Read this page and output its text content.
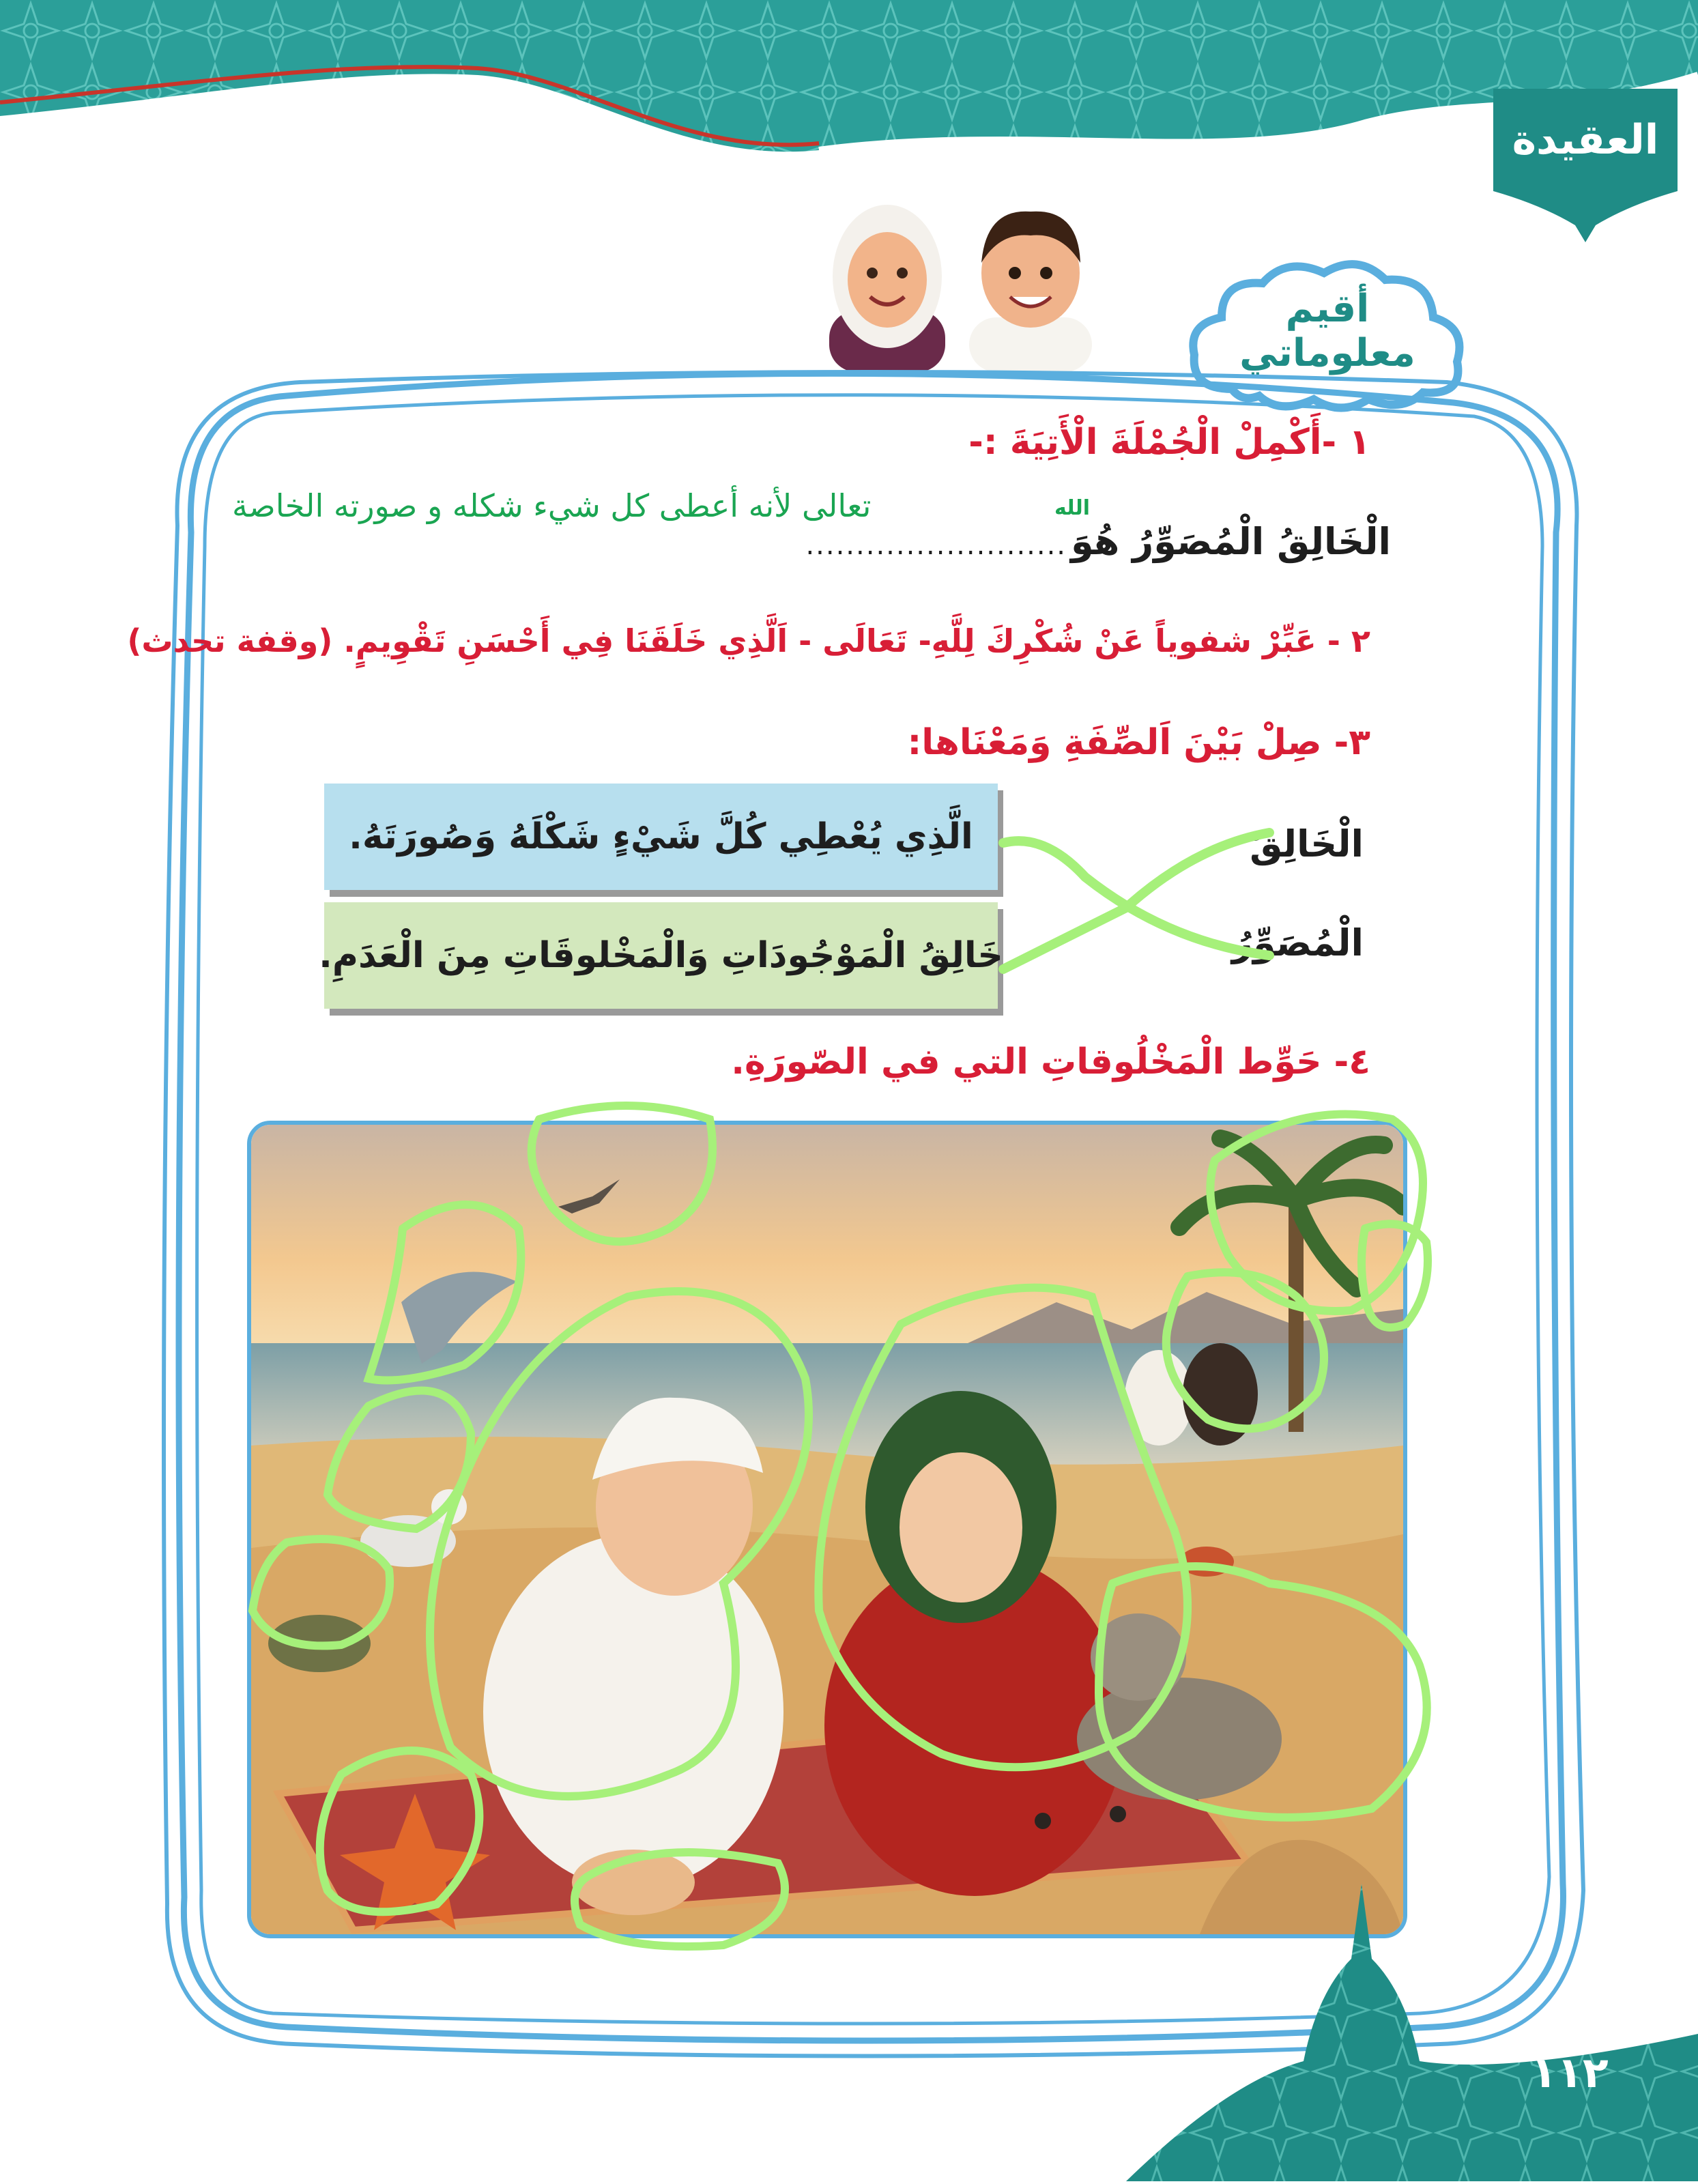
العقيدة
أقيم
معلوماتي
١ -أَكْمِلْ الْجُمْلَةَ الْأَتِيَةَ :-
الْخَالِقُ الْمُصَوِّرُ هُوَ
..........................
الله
تعالى لأنه أعطى كل شيء شكله و صورته الخاصة
٢ - عَبِّرْ شفوياً عَنْ شُكْرِكَ لِلَّهِ- تَعَالَى - اَلَّذِي خَلَقَنَا فِي أَحْسَنِ تَقْوِيمٍ. (وقفة تحدث)
٣- صِلْ بَيْنَ اَلصِّفَةِ وَمَعْنَاها:
الْخَالِقُ
الْمُصَوِّرُ
الَّذِي يُعْطِي كُلَّ شَيْءٍ شَكْلَهُ وَصُورَتَهُ.
خَالِقُ الْمَوْجُودَاتِ وَالْمَخْلوقَاتِ مِنَ الْعَدَمِ.
٤- حَوِّط الْمَخْلُوقاتِ التي في الصّورَةِ.
١١٢
